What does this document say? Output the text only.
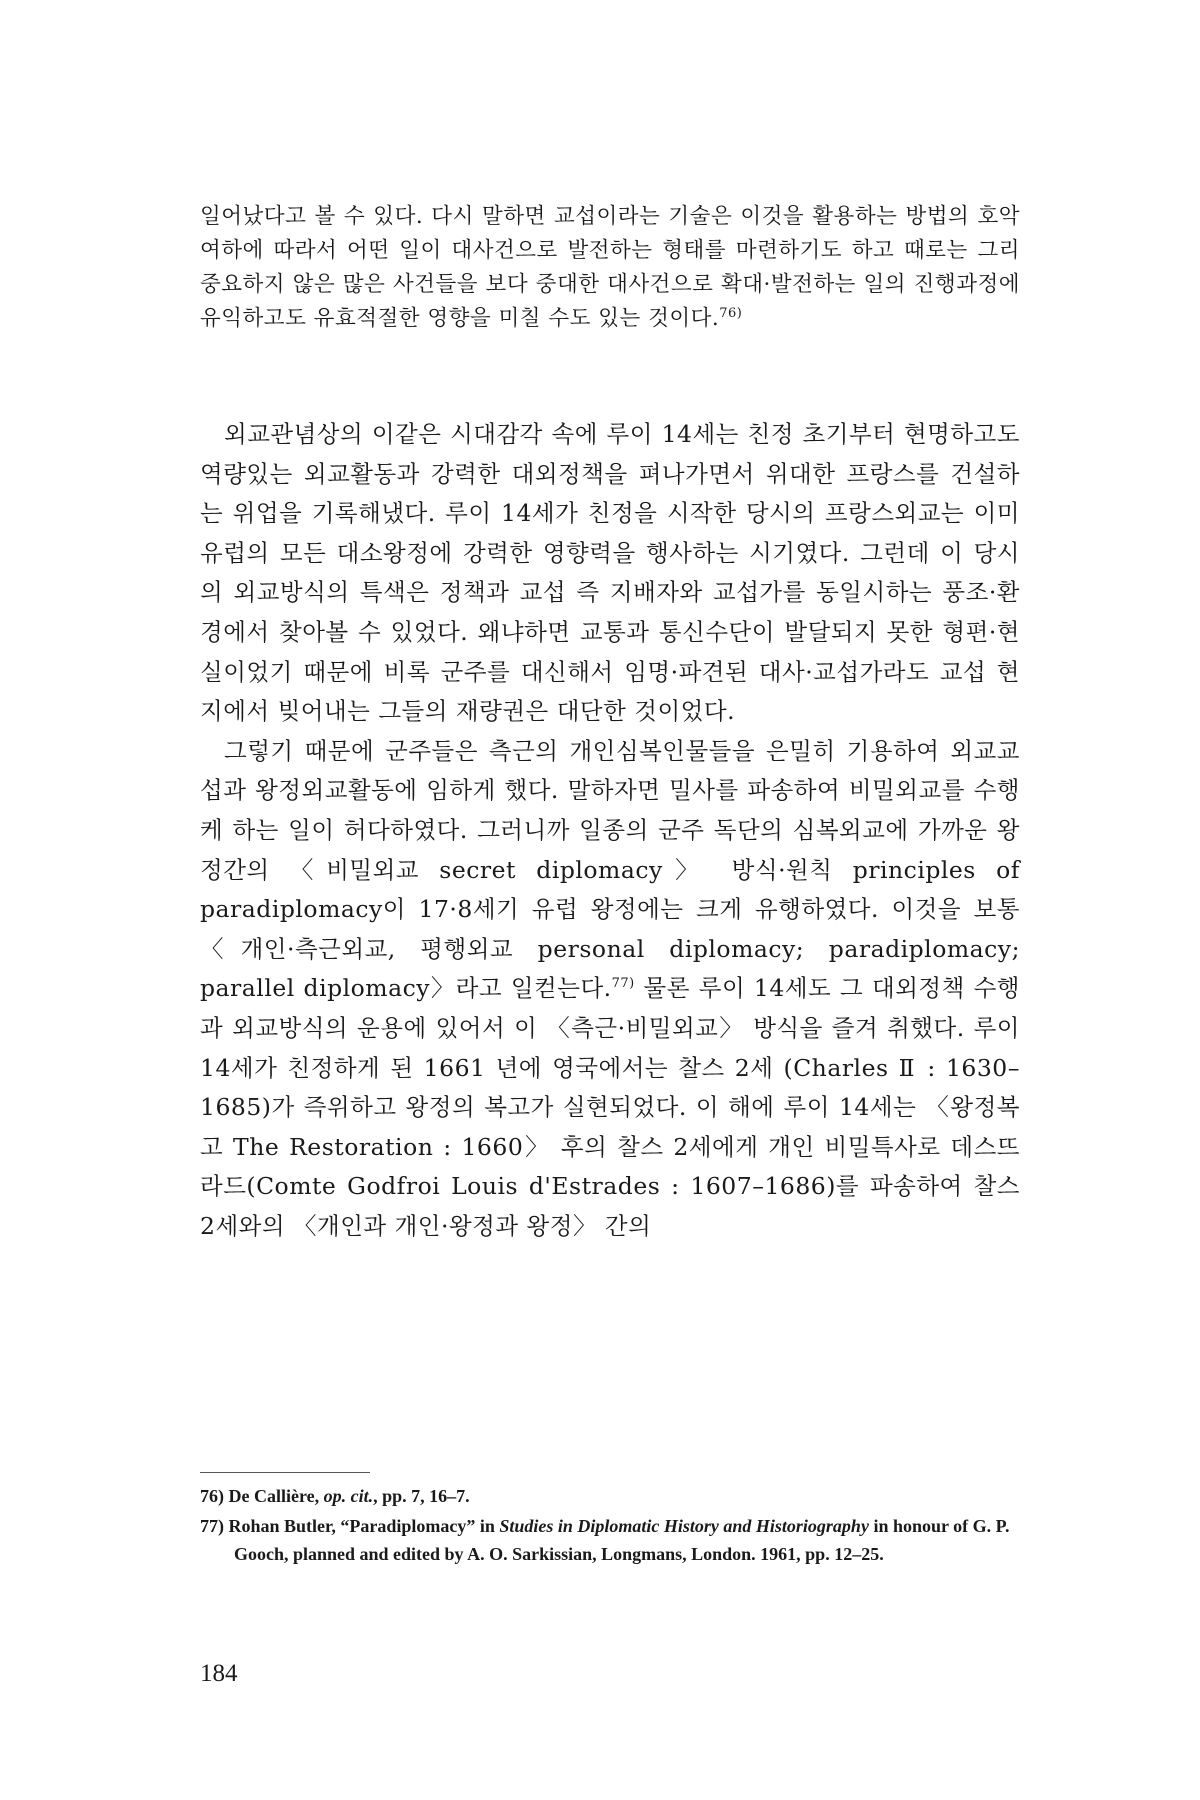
일어났다고 볼 수 있다. 다시 말하면 교섭이라는 기술은 이것을 활용하는 방법의 호악 여하에 따라서 어떤 일이 대사건으로 발전하는 형태를 마련하기도 하고 때로는 그리 중요하지 않은 많은 사건들을 보다 중대한 대사건으로 확대·발전하는 일의 진행과정에 유익하고도 유효적절한 영향을 미칠 수도 있는 것이다.$^{76)}$

외교관념상의 이같은 시대감각 속에 루이 14세는 친정 초기부터 현명하고도 역량있는 외교활동과 강력한 대외정책을 펴나가면서 위대한 프랑스를 건설하는 위업을 기록해냈다. 루이 14세가 친정을 시작한 당시의 프랑스외교는 이미 유럽의 모든 대소왕정에 강력한 영향력을 행사하는 시기였다. 그런데 이 당시의 외교방식의 특색은 정책과 교섭 즉 지배자와 교섭가를 동일시하는 풍조·환경에서 찾아볼 수 있었다. 왜냐하면 교통과 통신수단이 발달되지 못한 형편·현실이었기 때문에 비록 군주를 대신해서 임명·파견된 대사·교섭가라도 교섭 현지에서 빚어내는 그들의 재량권은 대단한 것이었다.

그렇기 때문에 군주들은 측근의 개인심복인물들을 은밀히 기용하여 외교교섭과 왕정외교활동에 임하게 했다. 말하자면 밀사를 파송하여 비밀외교를 수행케 하는 일이 허다하였다. 그러니까 일종의 군주 독단의 심복외교에 가까운 왕정간의 〈비밀외교 secret diplomacy〉 방식·원칙 principles of paradiplomacy이 17·8세기 유럽 왕정에는 크게 유행하였다. 이것을 보통 〈개인·측근외교, 평행외교 personal diplomacy; paradiplomacy; parallel diplomacy〉라고 일컫는다.$^{77)}$ 물론 루이 14세도 그 대외정책 수행과 외교방식의 운용에 있어서 이 〈측근·비밀외교〉 방식을 즐겨 취했다. 루이 14세가 친정하게 된 1661 년에 영국에서는 찰스 2세 (Charles Ⅱ : 1630–1685)가 즉위하고 왕정의 복고가 실현되었다. 이 해에 루이 14세는 〈왕정복고 The Restoration : 1660〉 후의 찰스 2세에게 개인 비밀특사로 데스뜨라드(Comte Godfroi Louis d'Estrades : 1607–1686)를 파송하여 찰스 2세와의 〈개인과 개인·왕정과 왕정〉 간의

76) De Callière, op. cit., pp. 7, 16–7.

77) Rohan Butler, “Paradiplomacy” in Studies in Diplomatic History and Historiography in honour of G. P. Gooch, planned and edited by A. O. Sarkissian, Longmans, London. 1961, pp. 12–25.

184
